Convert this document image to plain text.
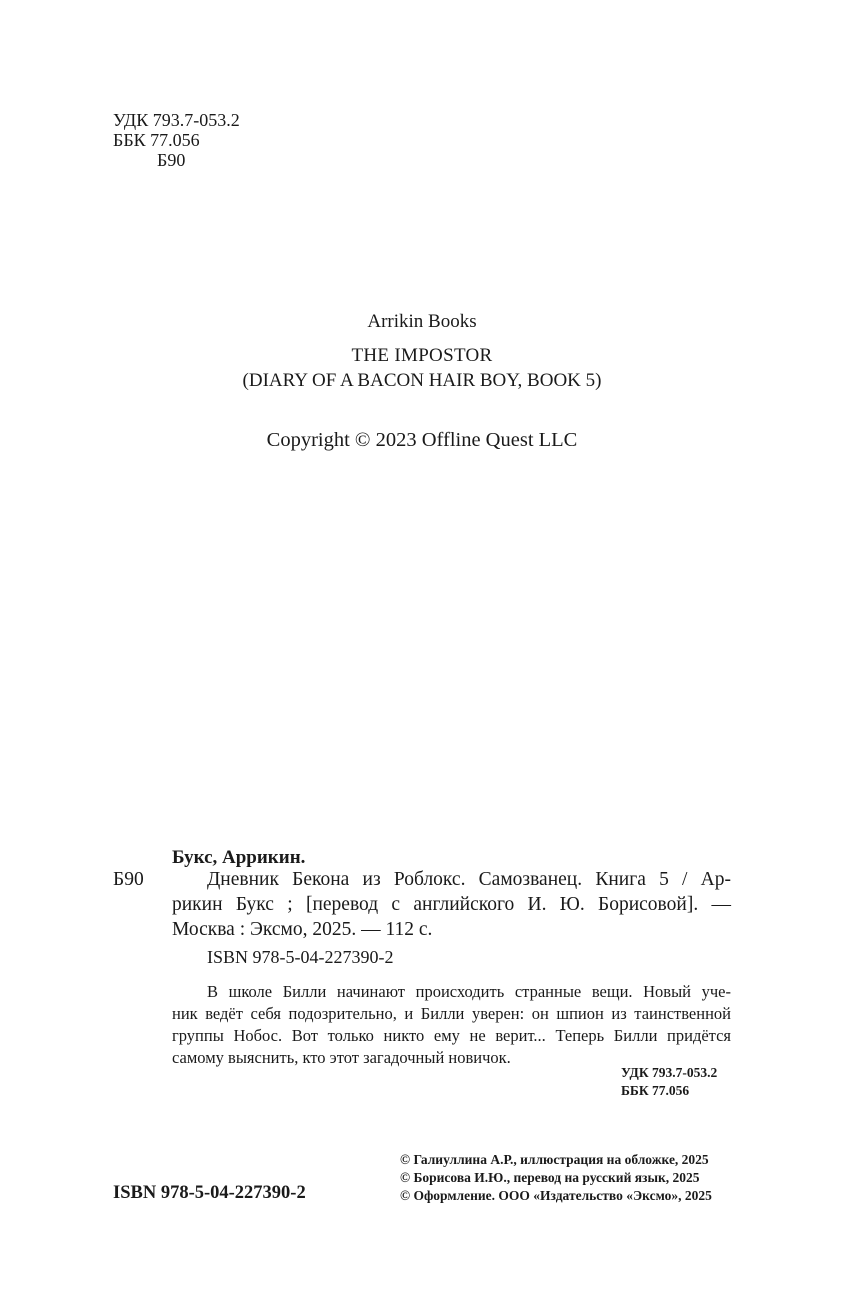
УДК 793.7-053.2
ББК 77.056
Б90
Arrikin Books
THE IMPOSTOR
(DIARY OF A BACON HAIR BOY, BOOK 5)
Copyright © 2023 Offline Quest LLC
Букс, Аррикин.
Б90	Дневник Бекона из Роблокс. Самозванец. Книга 5 / Ар-
рикин Букс ; [перевод с английского И. Ю. Борисовой]. —
Москва : Эксмо, 2025. — 112 с.
ISBN 978-5-04-227390-2
В школе Билли начинают происходить странные вещи. Новый уче-
ник ведёт себя подозрительно, и Билли уверен: он шпион из таинственной
группы Нобос. Вот только никто ему не верит... Теперь Билли придётся
самому выяснить, кто этот загадочный новичок.
УДК 793.7-053.2
ББК 77.056
ISBN 978-5-04-227390-2
© Галиуллина А.Р., иллюстрация на обложке, 2025
© Борисова И.Ю., перевод на русский язык, 2025
© Оформление. ООО «Издательство «Эксмо», 2025
